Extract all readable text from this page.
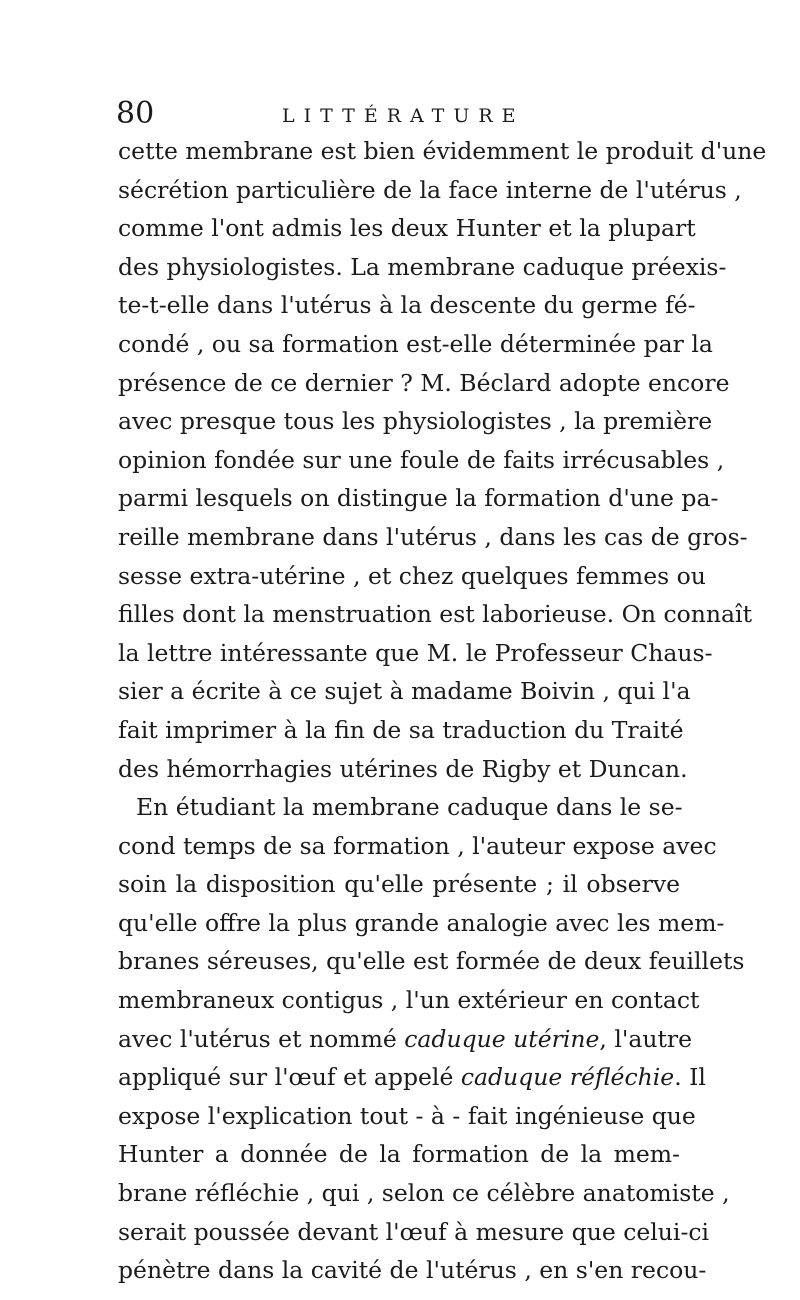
80	LITTÉRATURE
cette membrane est bien évidemment le produit d'une
sécrétion particulière de la face interne de l'utérus ,
comme l'ont admis les deux Hunter et la plupart
des physiologistes. La membrane caduque préexis-
te-t-elle dans l'utérus à la descente du germe fé-
condé , ou sa formation est-elle déterminée par la
présence de ce dernier ? M. Béclard adopte encore
avec presque tous les physiologistes , la première
opinion fondée sur une foule de faits irrécusables ,
parmi lesquels on distingue la formation d'une pa-
reille membrane dans l'utérus , dans les cas de gros-
sesse extra-utérine , et chez quelques femmes ou
filles dont la menstruation est laborieuse. On connaît
la lettre intéressante que M. le Professeur Chaus-
sier a écrite à ce sujet à madame Boivin , qui l'a
fait imprimer à la fin de sa traduction du Traité
des hémorrhagies utérines de Rigby et Duncan.
En étudiant la membrane caduque dans le se-
cond temps de sa formation , l'auteur expose avec
soin la disposition qu'elle présente ; il observe
qu'elle offre la plus grande analogie avec les mem-
branes séreuses, qu'elle est formée de deux feuillets
membraneux contigus , l'un extérieur en contact
avec l'utérus et nommé caduque utérine, l'autre
appliqué sur l'œuf et appelé caduque réfléchie. Il
expose l'explication tout - à - fait ingénieuse que
Hunter a donnée de la formation de la mem-
brane réfléchie , qui , selon ce célèbre anatomiste ,
serait poussée devant l'œuf à mesure que celui-ci
pénètre dans la cavité de l'utérus , en s'en recou-
